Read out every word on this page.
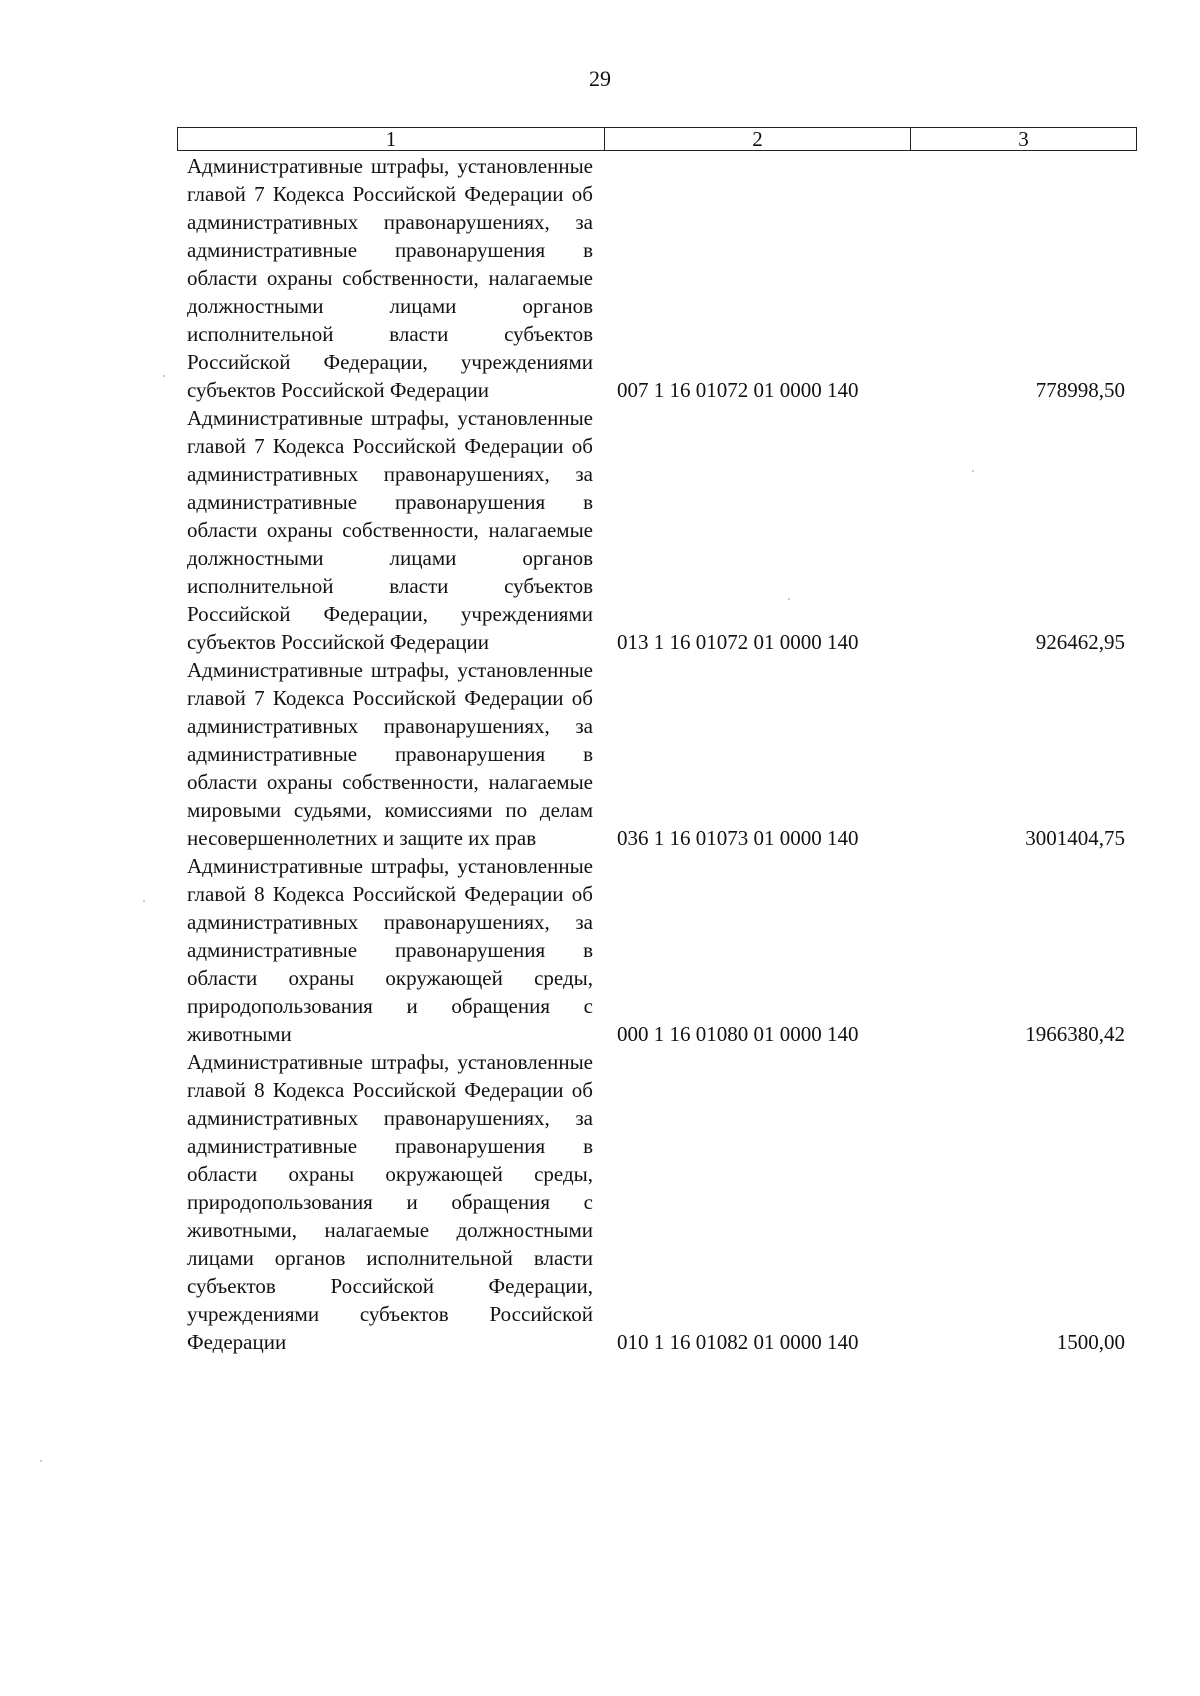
29
1	2	3
Административные штрафы, установленные главой 7 Кодекса Российской Федерации об административных правонарушениях, за административные правонарушения в области охраны собственности, налагаемые должностными лицами органов исполнительной власти субъектов Российской Федерации, учреждениями субъектов Российской Федерации	007 1 16 01072 01 0000 140	778998,50
Административные штрафы, установленные главой 7 Кодекса Российской Федерации об административных правонарушениях, за административные правонарушения в области охраны собственности, налагаемые должностными лицами органов исполнительной власти субъектов Российской Федерации, учреждениями субъектов Российской Федерации	013 1 16 01072 01 0000 140	926462,95
Административные штрафы, установленные главой 7 Кодекса Российской Федерации об административных правонарушениях, за административные правонарушения в области охраны собственности, налагаемые мировыми судьями, комиссиями по делам несовершеннолетних и защите их прав	036 1 16 01073 01 0000 140	3001404,75
Административные штрафы, установленные главой 8 Кодекса Российской Федерации об административных правонарушениях, за административные правонарушения в области охраны окружающей среды, природопользования и обращения с животными	000 1 16 01080 01 0000 140	1966380,42
Административные штрафы, установленные главой 8 Кодекса Российской Федерации об административных правонарушениях, за административные правонарушения в области охраны окружающей среды, природопользования и обращения с животными, налагаемые должностными лицами органов исполнительной власти субъектов Российской Федерации, учреждениями субъектов Российской Федерации	010 1 16 01082 01 0000 140	1500,00
